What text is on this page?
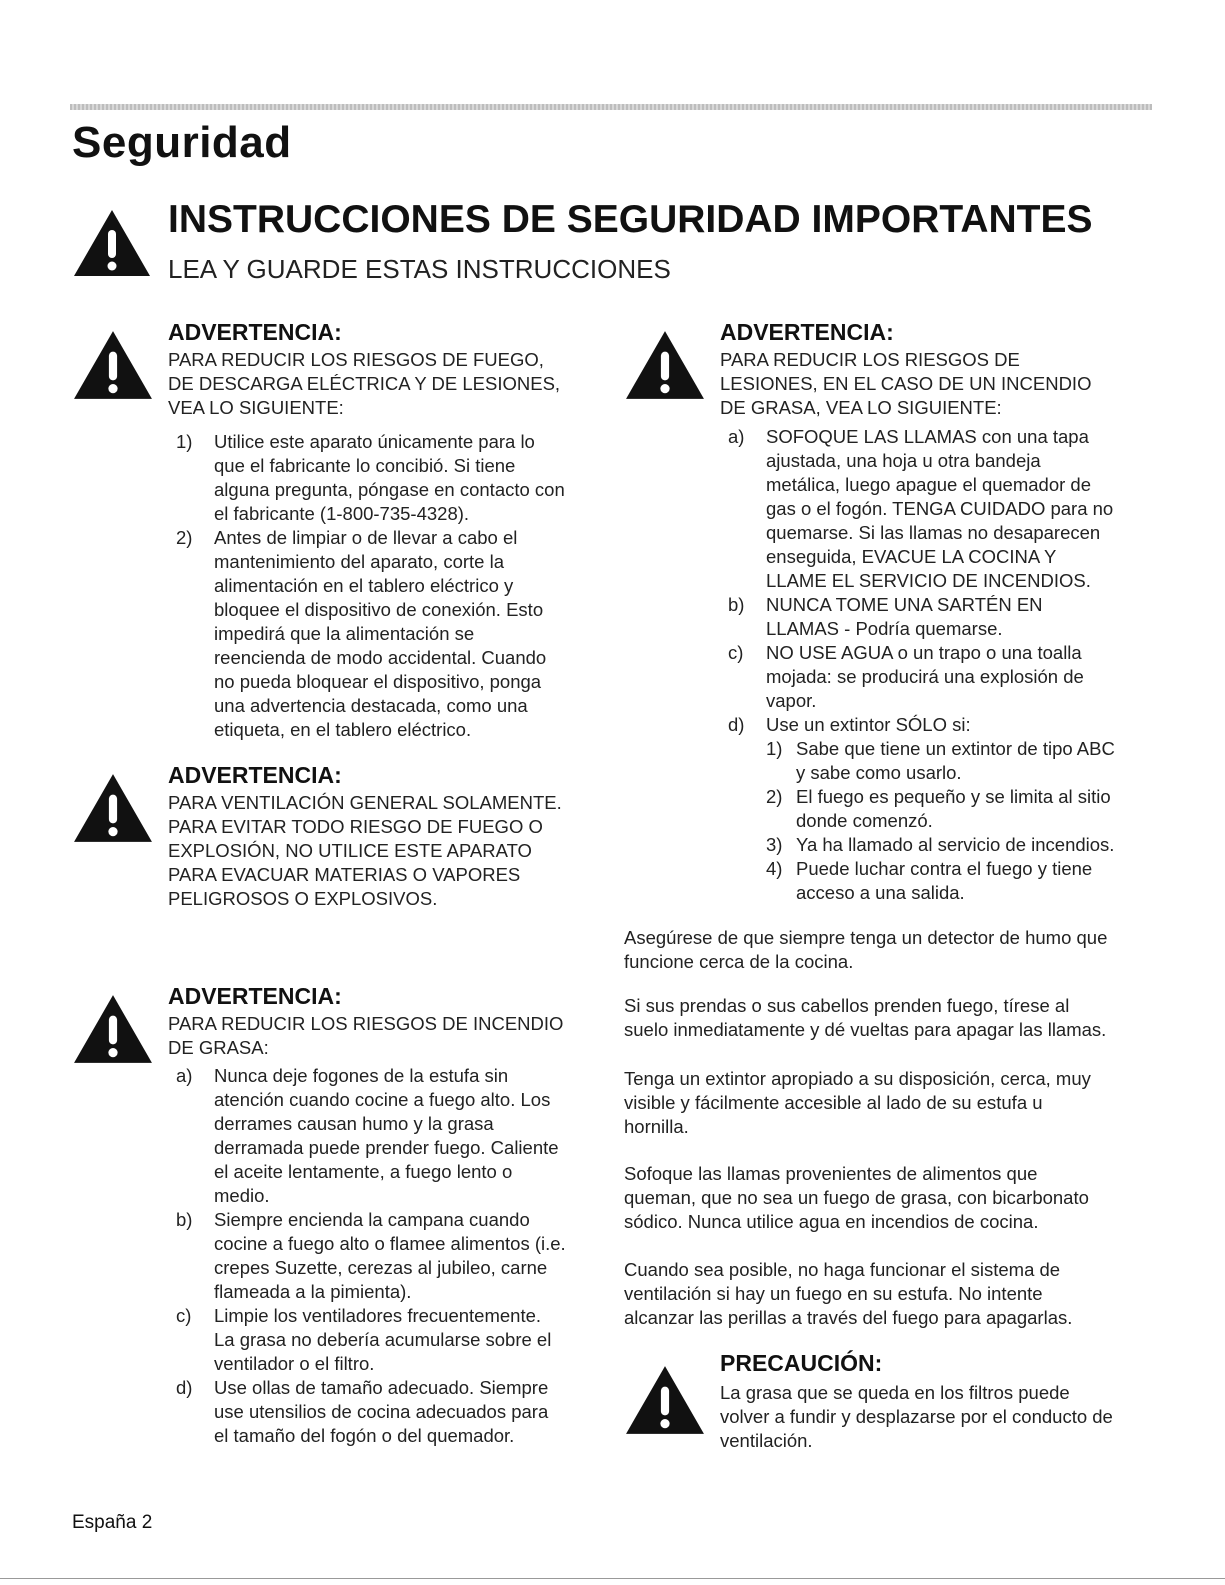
Seguridad
INSTRUCCIONES DE SEGURIDAD IMPORTANTES

LEA Y GUARDE ESTAS INSTRUCCIONES

ADVERTENCIA:

PARA REDUCIR LOS RIESGOS DE FUEGO,
DE DESCARGA ELÉCTRICA Y DE LESIONES,
VEA LO SIGUIENTE:

1) Utilice este aparato únicamente para lo
que el fabricante lo concibió. Si tiene
alguna pregunta, póngase en contacto con
el fabricante (1-800-735-4328).
2) Antes de limpiar o de llevar a cabo el
mantenimiento del aparato, corte la
alimentación en el tablero eléctrico y
bloquee el dispositivo de conexión. Esto
impedirá que la alimentación se
reencienda de modo accidental. Cuando
no pueda bloquear el dispositivo, ponga
una advertencia destacada, como una
etiqueta, en el tablero eléctrico.
ADVERTENCIA:

PARA VENTILACIÓN GENERAL SOLAMENTE.
PARA EVITAR TODO RIESGO DE FUEGO O
EXPLOSIÓN, NO UTILICE ESTE APARATO
PARA EVACUAR MATERIAS O VAPORES
PELIGROSOS O EXPLOSIVOS.

ADVERTENCIA:

PARA REDUCIR LOS RIESGOS DE INCENDIO
DE GRASA:

a) Nunca deje fogones de la estufa sin
atención cuando cocine a fuego alto. Los
derrames causan humo y la grasa
derramada puede prender fuego. Caliente
el aceite lentamente, a fuego lento o
medio.
b) Siempre encienda la campana cuando
cocine a fuego alto o flamee alimentos (i.e.
crepes Suzette, cerezas al jubileo, carne
flameada a la pimienta).
c) Limpie los ventiladores frecuentemente.
La grasa no debería acumularse sobre el
ventilador o el filtro.
d) Use ollas de tamaño adecuado. Siempre
use utensilios de cocina adecuados para
el tamaño del fogón o del quemador.
ADVERTENCIA:

PARA REDUCIR LOS RIESGOS DE
LESIONES, EN EL CASO DE UN INCENDIO
DE GRASA, VEA LO SIGUIENTE:

a) SOFOQUE LAS LLAMAS con una tapa
ajustada, una hoja u otra bandeja
metálica, luego apague el quemador de
gas o el fogón. TENGA CUIDADO para no
quemarse. Si las llamas no desaparecen
enseguida, EVACUE LA COCINA Y
LLAME EL SERVICIO DE INCENDIOS.
b) NUNCA TOME UNA SARTÉN EN
LLAMAS - Podría quemarse.
c) NO USE AGUA o un trapo o una toalla
mojada: se producirá una explosión de
vapor.
d) Use un extintor SÓLO si:
1) Sabe que tiene un extintor de tipo ABC
y sabe como usarlo.
2) El fuego es pequeño y se limita al sitio
donde comenzó.
3) Ya ha llamado al servicio de incendios.
4) Puede luchar contra el fuego y tiene
acceso a una salida.

Asegúrese de que siempre tenga un detector de humo que
funcione cerca de la cocina.

Si sus prendas o sus cabellos prenden fuego, tírese al
suelo inmediatamente y dé vueltas para apagar las llamas.

Tenga un extintor apropiado a su disposición, cerca, muy
visible y fácilmente accesible al lado de su estufa u
hornilla.

Sofoque las llamas provenientes de alimentos que
queman, que no sea un fuego de grasa, con bicarbonato
sódico. Nunca utilice agua en incendios de cocina.

Cuando sea posible, no haga funcionar el sistema de
ventilación si hay un fuego en su estufa. No intente
alcanzar las perillas a través del fuego para apagarlas.

PRECAUCIÓN:

La grasa que se queda en los filtros puede
volver a fundir y desplazarse por el conducto de
ventilación.

España 2
